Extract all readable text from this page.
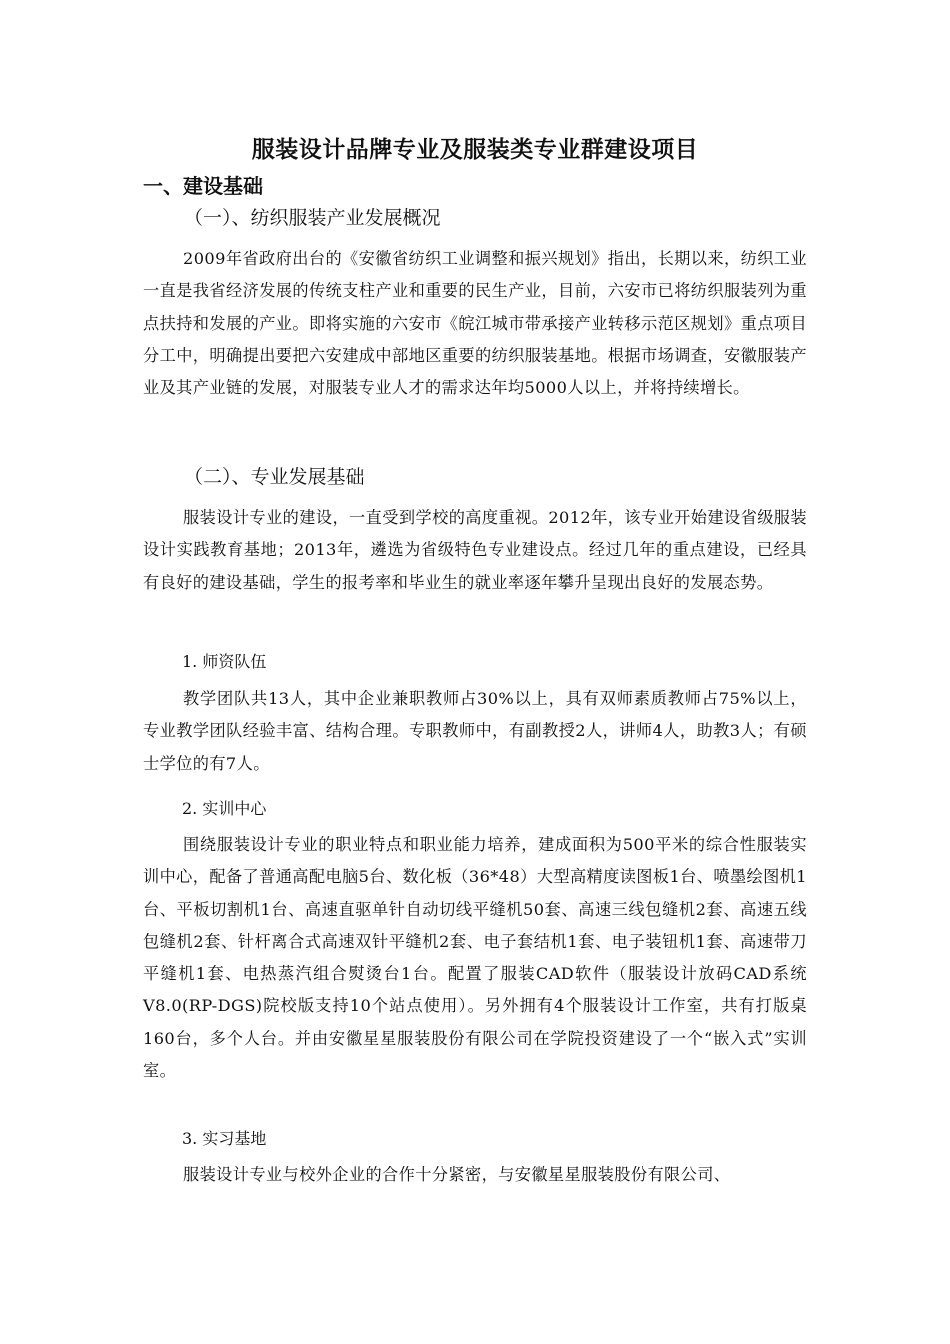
服装设计品牌专业及服装类专业群建设项目
一、建设基础
（一）、纺织服装产业发展概况

2009年省政府出台的《安徽省纺织工业调整和振兴规划》指出，长期以来，纺织工业一直是我省经济发展的传统支柱产业和重要的民生产业，目前，六安市已将纺织服装列为重点扶持和发展的产业。即将实施的六安市《皖江城市带承接产业转移示范区规划》重点项目分工中，明确提出要把六安建成中部地区重要的纺织服装基地。根据市场调查，安徽服装产业及其产业链的发展，对服装专业人才的需求达年均5000人以上，并将持续增长。

（二）、专业发展基础

服装设计专业的建设，一直受到学校的高度重视。2012年，该专业开始建设省级服装设计实践教育基地；2013年，遴选为省级特色专业建设点。经过几年的重点建设，已经具有良好的建设基础，学生的报考率和毕业生的就业率逐年攀升呈现出良好的发展态势。

1. 师资队伍

教学团队共13人，其中企业兼职教师占30%以上，具有双师素质教师占75%以上，专业教学团队经验丰富、结构合理。专职教师中，有副教授2人，讲师4人，助教3人；有硕士学位的有7人。

2. 实训中心

围绕服装设计专业的职业特点和职业能力培养，建成面积为500平米的综合性服装实训中心，配备了普通高配电脑5台、数化板（36*48）大型高精度读图板1台、喷墨绘图机1台、平板切割机1台、高速直驱单针自动切线平缝机50套、高速三线包缝机2套、高速五线包缝机2套、针杆离合式高速双针平缝机2套、电子套结机1套、电子装钮机1套、高速带刀平缝机1套、电热蒸汽组合熨烫台1台。配置了服装CAD软件（服装设计放码CAD系统 V8.0(RP-DGS)院校版支持10个站点使用）。另外拥有4个服装设计工作室，共有打版桌160台，多个人台。并由安徽星星服装股份有限公司在学院投资建设了一个“嵌入式”实训室。

3. 实习基地

服装设计专业与校外企业的合作十分紧密，与安徽星星服装股份有限公司、
